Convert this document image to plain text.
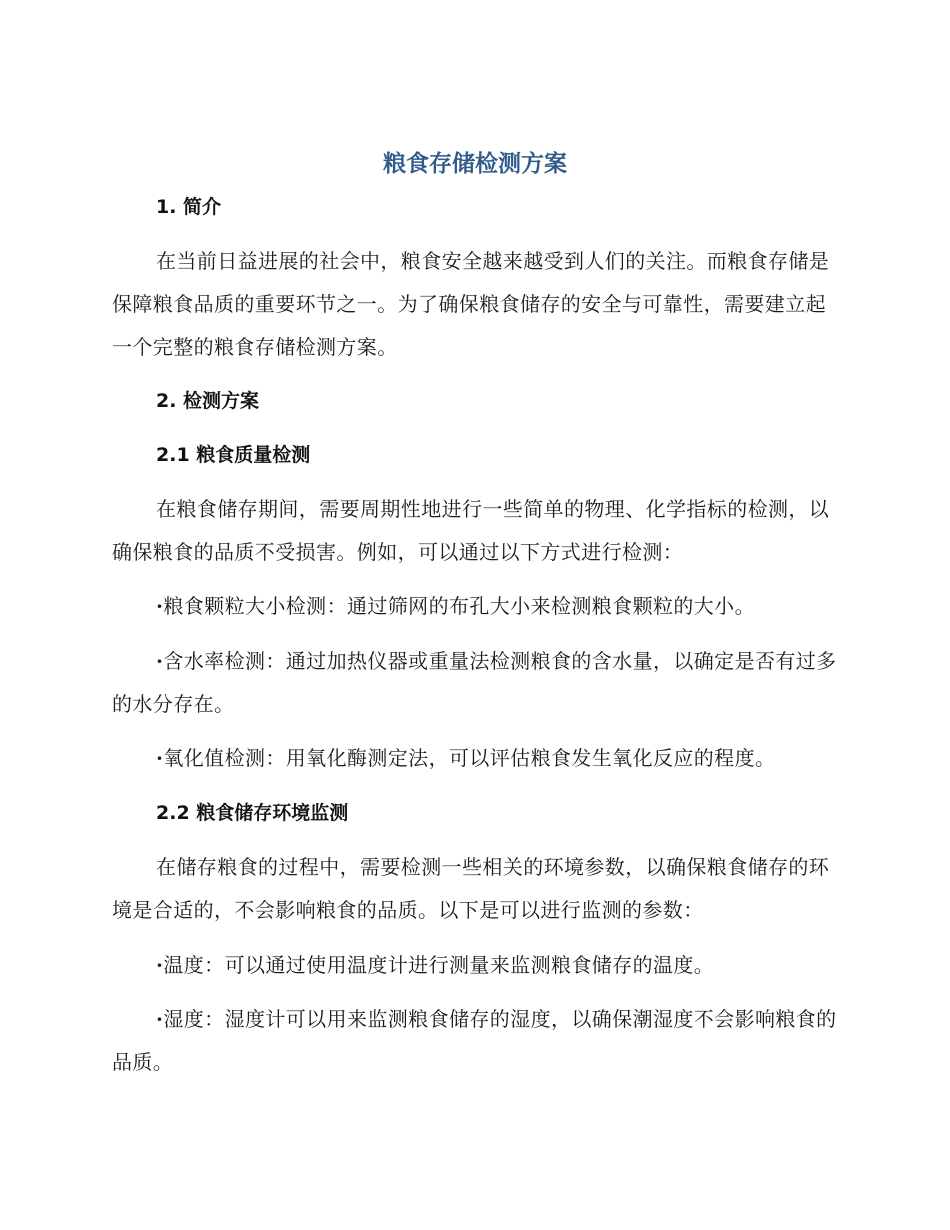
粮食存储检测方案
1. 简介
在当前日益进展的社会中，粮食安全越来越受到人们的关注。而粮食存储是保障粮食品质的重要环节之一。为了确保粮食储存的安全与可靠性，需要建立起一个完整的粮食存储检测方案。
2. 检测方案
2.1 粮食质量检测
在粮食储存期间，需要周期性地进行一些简单的物理、化学指标的检测，以确保粮食的品质不受损害。例如，可以通过以下方式进行检测：
·粮食颗粒大小检测：通过筛网的布孔大小来检测粮食颗粒的大小。
·含水率检测：通过加热仪器或重量法检测粮食的含水量，以确定是否有过多的水分存在。
·氧化值检测：用氧化酶测定法，可以评估粮食发生氧化反应的程度。
2.2 粮食储存环境监测
在储存粮食的过程中，需要检测一些相关的环境参数，以确保粮食储存的环境是合适的，不会影响粮食的品质。以下是可以进行监测的参数：
·温度：可以通过使用温度计进行测量来监测粮食储存的温度。
·湿度：湿度计可以用来监测粮食储存的湿度，以确保潮湿度不会影响粮食的品质。
